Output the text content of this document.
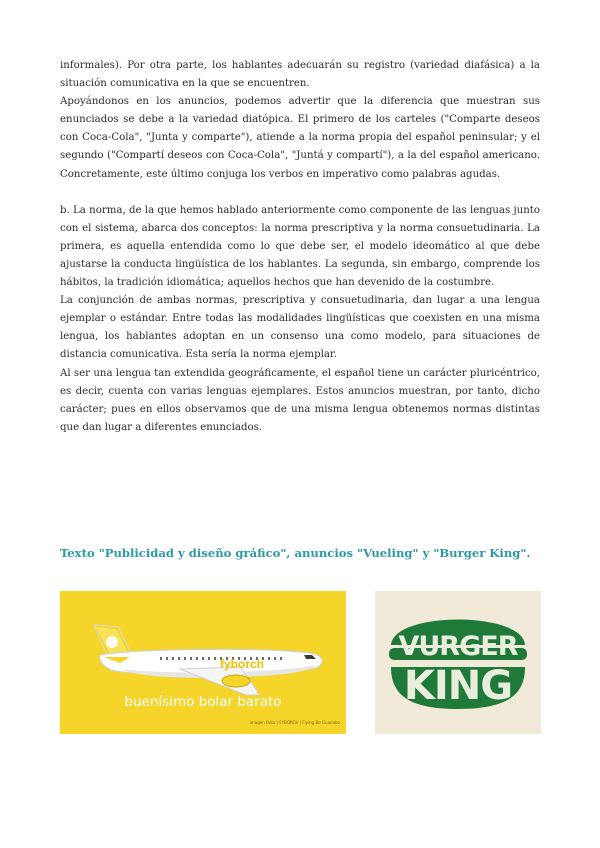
informales). Por otra parte, los hablantes adecuarán su registro (variedad diafásica) a la situación comunicativa en la que se encuentren.

Apoyándonos en los anuncios, podemos advertir que la diferencia que muestran sus enunciados se debe a la variedad diatópica. El primero de los carteles ("Comparte deseos con Coca-Cola", "Junta y comparte"), atiende a la norma propia del español peninsular; y el segundo ("Compartí deseos con Coca-Cola", "Juntá y compartí"), a la del español americano. Concretamente, este último conjuga los verbos en imperativo como palabras agudas.

b. La norma, de la que hemos hablado anteriormente como componente de las lenguas junto con el sistema, abarca dos conceptos: la norma prescriptiva y la norma consuetudinaria. La primera, es aquella entendida como lo que debe ser, el modelo ideomático al que debe ajustarse la conducta lingüística de los hablantes. La segunda, sin embargo, comprende los hábitos, la tradición idiomática; aquellos hechos que han devenido de la costumbre.

La conjunción de ambas normas, prescriptiva y consuetudinaria, dan lugar a una lengua ejemplar o estándar. Entre todas las modalidades lingüísticas que coexisten en una misma lengua, los hablantes adoptan en un consenso una como modelo, para situaciones de distancia comunicativa. Esta sería la norma ejemplar.

Al ser una lengua tan extendida geográficamente, el español tiene un carácter pluricéntrico, es decir, cuenta con varias lenguas ejemplares. Estos anuncios muestran, por tanto, dicho carácter; pues en ellos observamos que de una misma lengua obtenemos normas distintas que dan lugar a diferentes enunciados.

Texto "Publicidad y diseño gráfico", anuncios "Vueling" y "Burger King".
fyborch
buenísimo bolar barato
imagen falsa | FYBORCH | Flying Bo Guanabo
VURGER
KING
